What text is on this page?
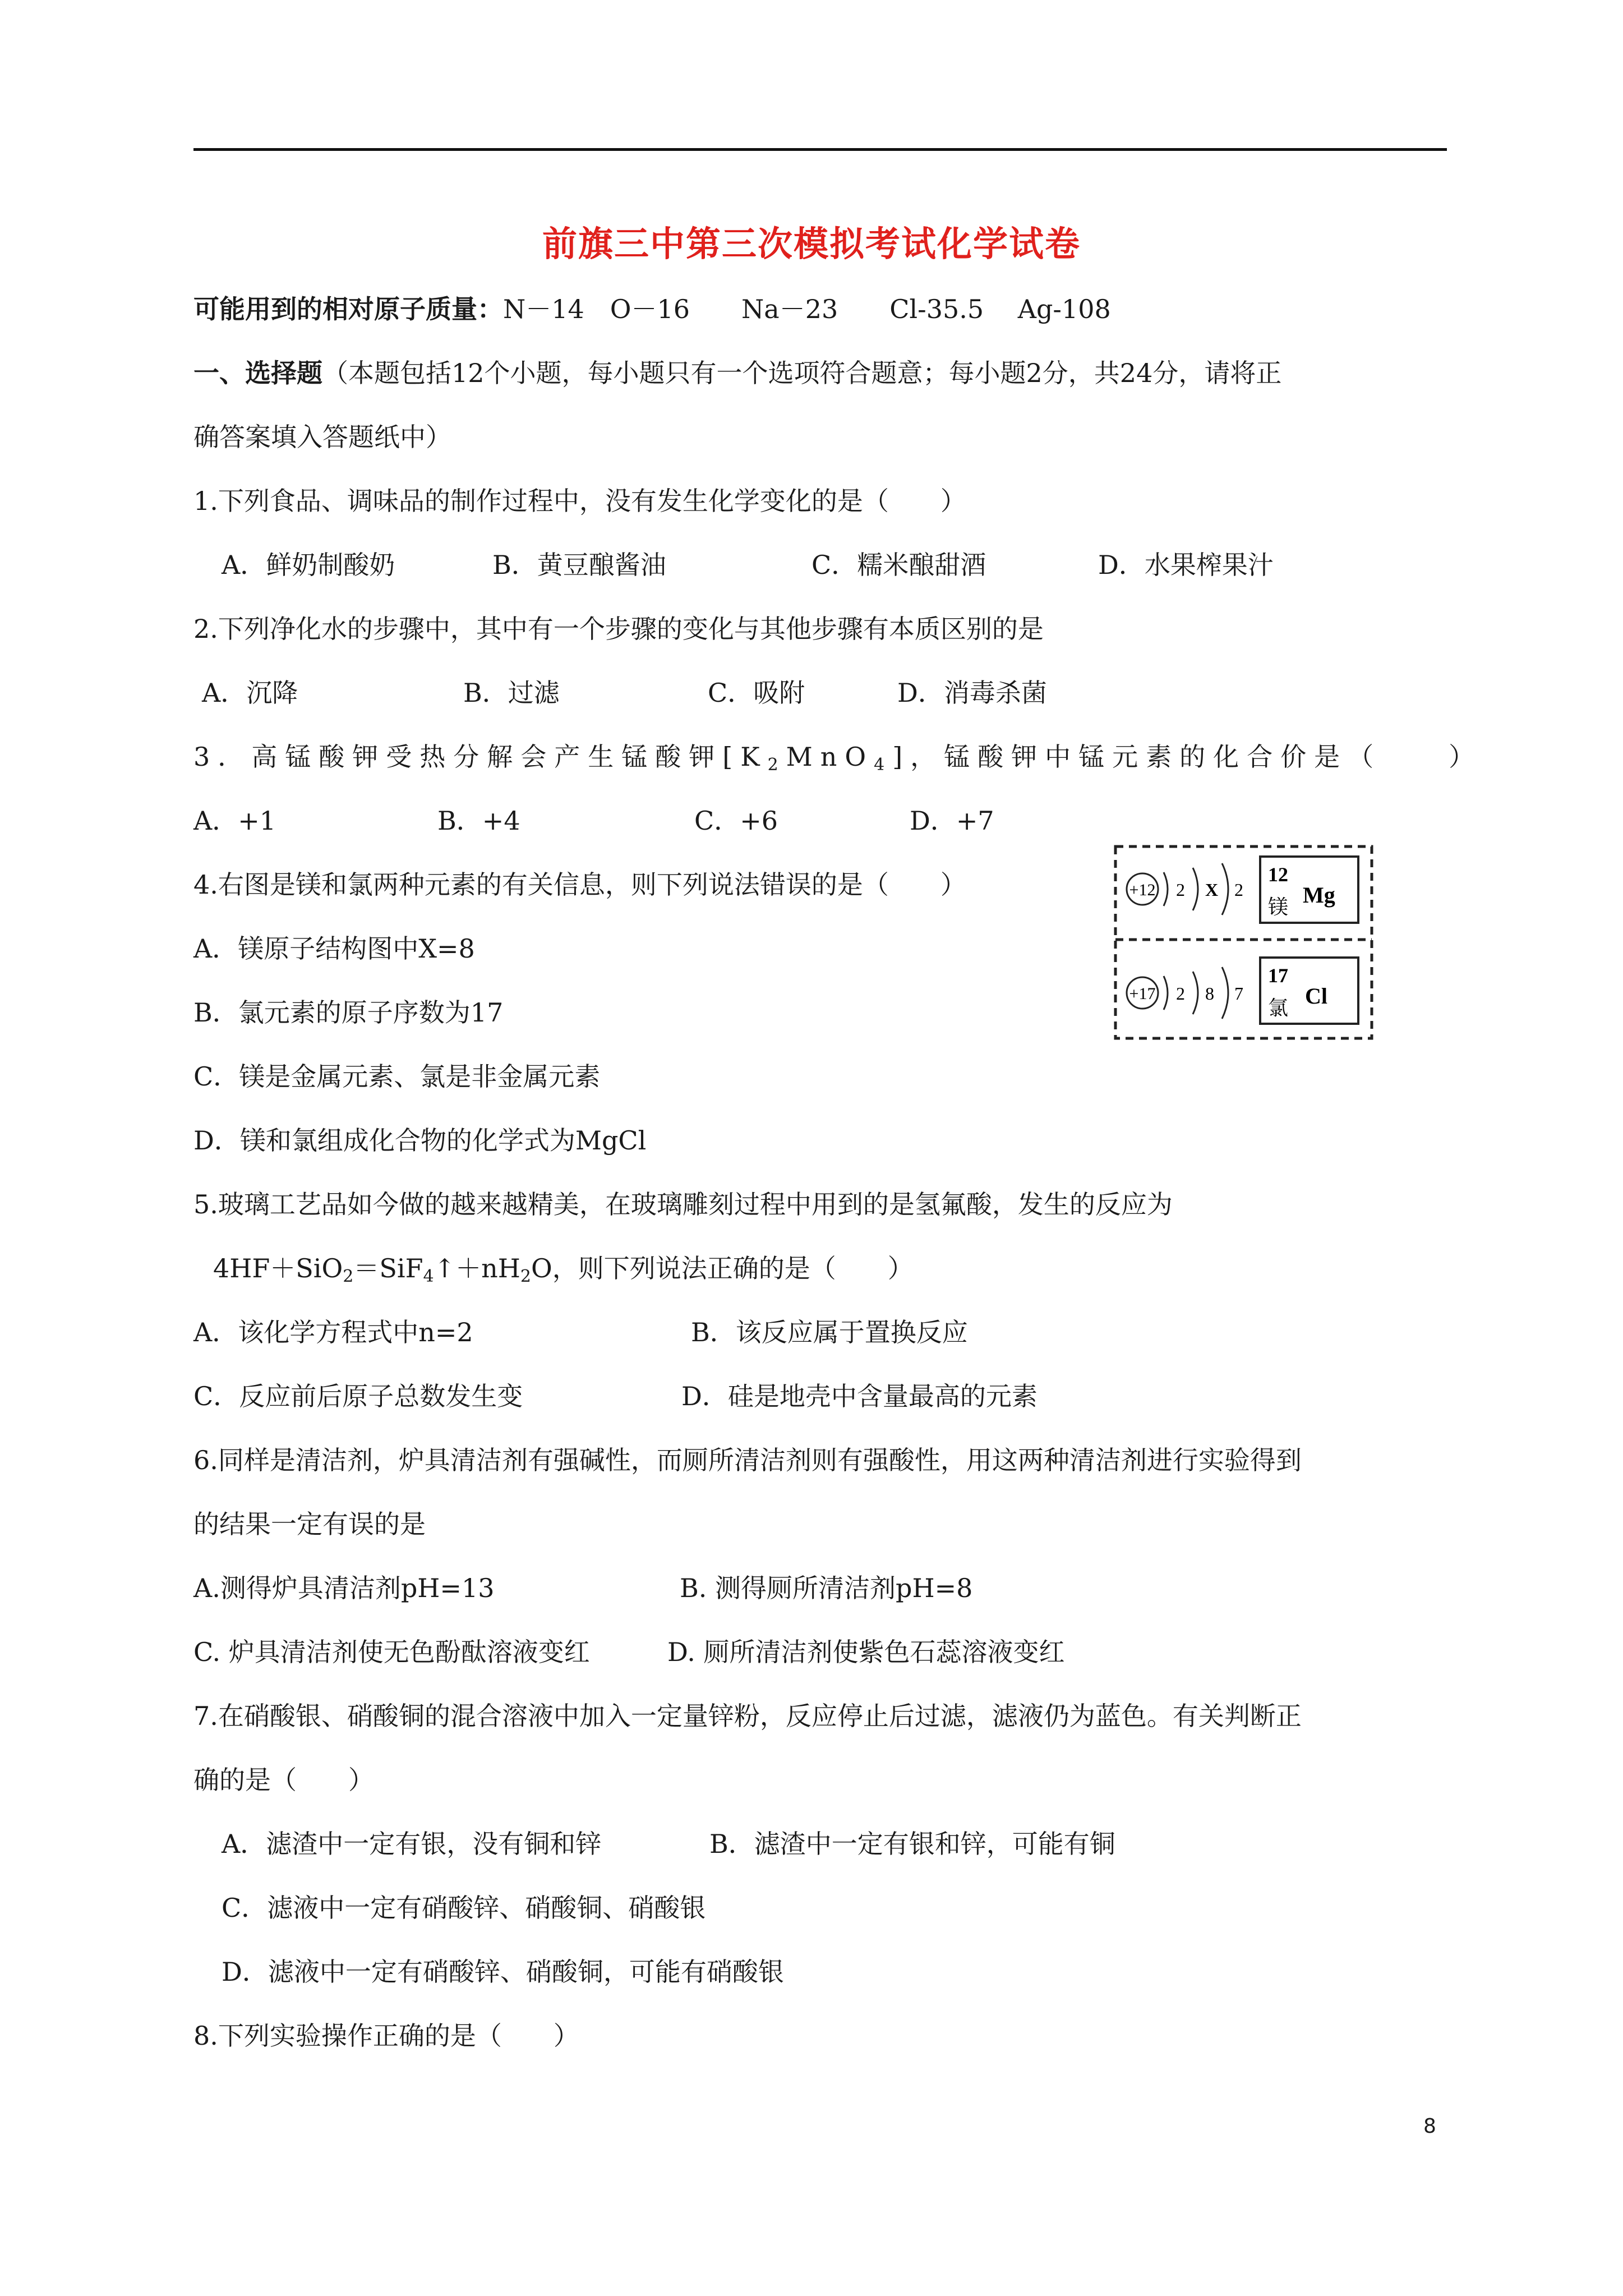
前旗三中第三次模拟考试化学试卷
可能用到的相对原子质量：N－14　O－16　　Na－23　　Cl-35.5　 Ag-108
一、选择题（本题包括12个小题，每小题只有一个选项符合题意；每小题2分，共24分，请将正
确答案填入答题纸中）
1.下列食品、调味品的制作过程中，没有发生化学变化的是（　　）
A．鲜奶制酸奶	B．黄豆酿酱油	C．糯米酿甜酒	D．水果榨果汁
2.下列净化水的步骤中，其中有一个步骤的变化与其他步骤有本质区别的是
A．沉降	B．过滤	C．吸附	D．消毒杀菌
3．高锰酸钾受热分解会产生锰酸钾$[K_2MnO_4]$，锰酸钾中锰元素的化合价是（　　）
A．+1	B．+4	C．+6	D．+7
4.右图是镁和氯两种元素的有关信息，则下列说法错误的是（　　）
A．镁原子结构图中X=8
B．氯元素的原子序数为17
C．镁是金属元素、氯是非金属元素
D．镁和氯组成化合物的化学式为MgCl
+12 2 X 2
12
镁 Mg
+17 2 8 7
17
氯 Cl
5.玻璃工艺品如今做的越来越精美，在玻璃雕刻过程中用到的是氢氟酸，发生的反应为
$4HF+SiO_2=SiF_4↑+nH_2O$，则下列说法正确的是（　　）
A．该化学方程式中n=2	B．该反应属于置换反应
C．反应前后原子总数发生变	D．硅是地壳中含量最高的元素
6.同样是清洁剂，炉具清洁剂有强碱性，而厕所清洁剂则有强酸性，用这两种清洁剂进行实验得到
的结果一定有误的是
A.测得炉具清洁剂pH=13	B. 测得厕所清洁剂pH=8
C. 炉具清洁剂使无色酚酞溶液变红	D. 厕所清洁剂使紫色石蕊溶液变红
7.在硝酸银、硝酸铜的混合溶液中加入一定量锌粉，反应停止后过滤，滤液仍为蓝色。有关判断正
确的是（　　）
A．滤渣中一定有银，没有铜和锌	B．滤渣中一定有银和锌，可能有铜
C．滤液中一定有硝酸锌、硝酸铜、硝酸银
D．滤液中一定有硝酸锌、硝酸铜，可能有硝酸银
8.下列实验操作正确的是（　　）
8
